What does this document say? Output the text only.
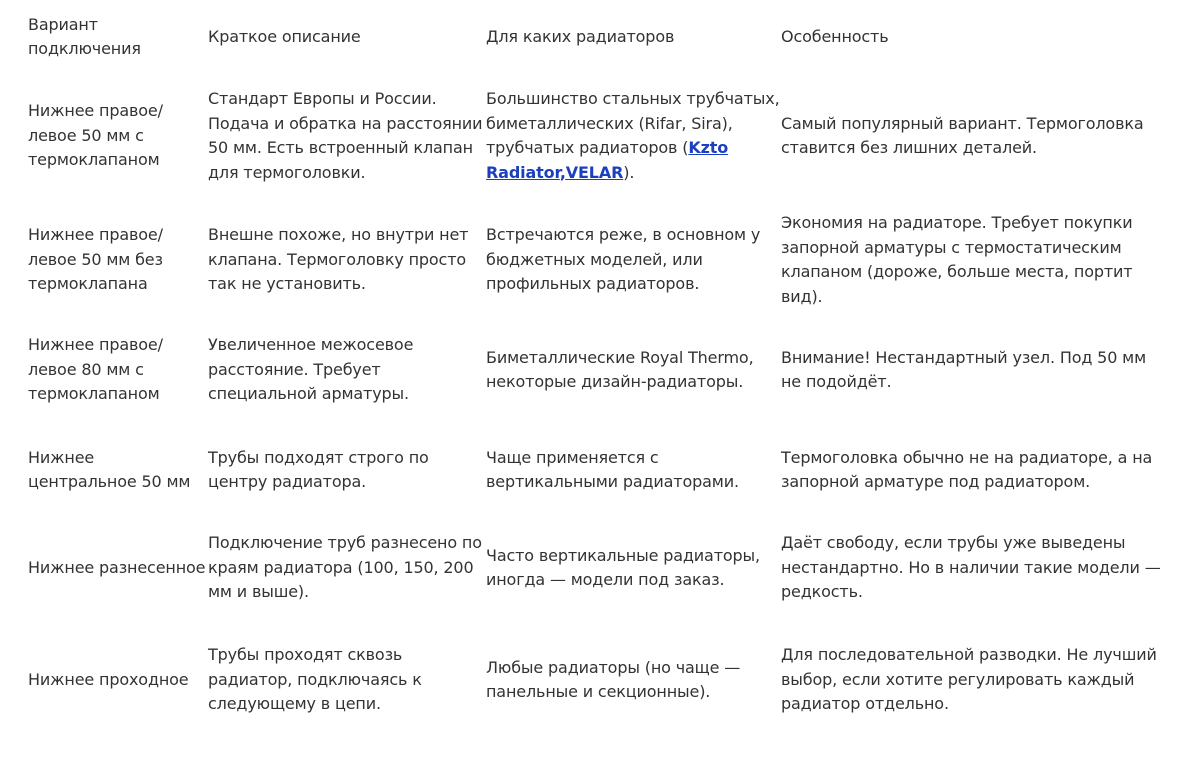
Вариант подключения
Краткое описание	Для каких радиаторов	Особенность
Нижнее правое/ левое 50 мм с термоклапаном
Стандарт Европы и России. Подача и обратка на расстоянии 50 мм. Есть встроенный клапан для термоголовки.
Большинство стальных трубчатых, биметаллических (Rifar, Sira), трубчатых радиаторов (Kzto Radiator,VELAR).
Самый популярный вариант. Термоголовка ставится без лишних деталей.
Нижнее правое/ левое 50 мм без термоклапана
Внешне похоже, но внутри нет клапана. Термоголовку просто так не установить.
Встречаются реже, в основном у бюджетных моделей, или профильных радиаторов.
Экономия на радиаторе. Требует покупки запорной арматуры с термостатическим клапаном (дороже, больше места, портит вид).
Нижнее правое/ левое 80 мм с термоклапаном
Увеличенное межосевое расстояние. Требует специальной арматуры.
Биметаллические Royal Thermo, некоторые дизайн-радиаторы.
Внимание! Нестандартный узел. Под 50 мм не подойдёт.
Нижнее центральное 50 мм
Трубы подходят строго по центру радиатора.
Чаще применяется с вертикальными радиаторами.
Термоголовка обычно не на радиаторе, а на запорной арматуре под радиатором.
Нижнее разнесенное
Подключение труб разнесено по краям радиатора (100, 150, 200 мм и выше).
Часто вертикальные радиаторы, иногда — модели под заказ.
Даёт свободу, если трубы уже выведены нестандартно. Но в наличии такие модели — редкость.
Нижнее проходное
Трубы проходят сквозь радиатор, подключаясь к следующему в цепи.
Любые радиаторы (но чаще — панельные и секционные).
Для последовательной разводки. Не лучший выбор, если хотите регулировать каждый радиатор отдельно.
